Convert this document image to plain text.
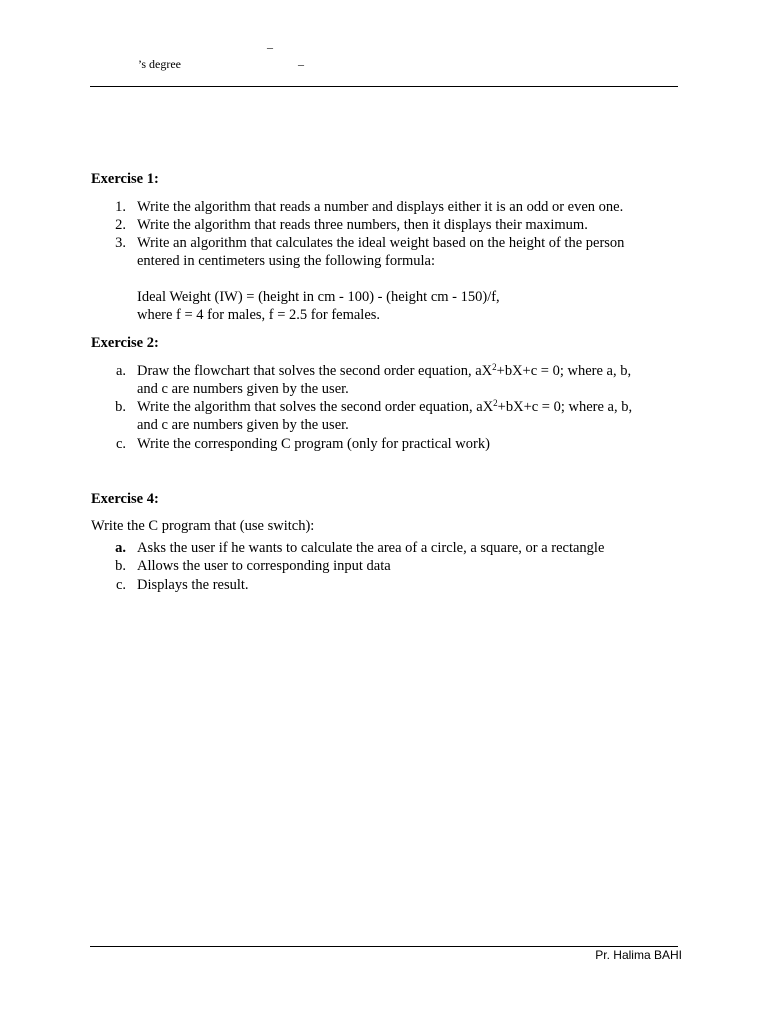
–
’s degree	–
Exercise 1:
1. Write the algorithm that reads a number and displays either it is an odd or even one.
2. Write the algorithm that reads three numbers, then it displays their maximum.
3. Write an algorithm that calculates the ideal weight based on the height of the person
entered in centimeters using the following formula:
Ideal Weight (IW) = (height in cm - 100) - (height cm - 150)/f,
where f = 4 for males, f = 2.5 for females.
Exercise 2:
a. Draw the flowchart that solves the second order equation, $aX^2+bX+c = 0$; where a, b,
and c are numbers given by the user.
b. Write the algorithm that solves the second order equation, $aX^2+bX+c = 0$; where a, b,
and c are numbers given by the user.
c. Write the corresponding C program (only for practical work)
Exercise 4:
Write the C program that (use switch):
a. Asks the user if he wants to calculate the area of a circle, a square, or a rectangle
b. Allows the user to corresponding input data
c. Displays the result.
Pr. Halima BAHI
